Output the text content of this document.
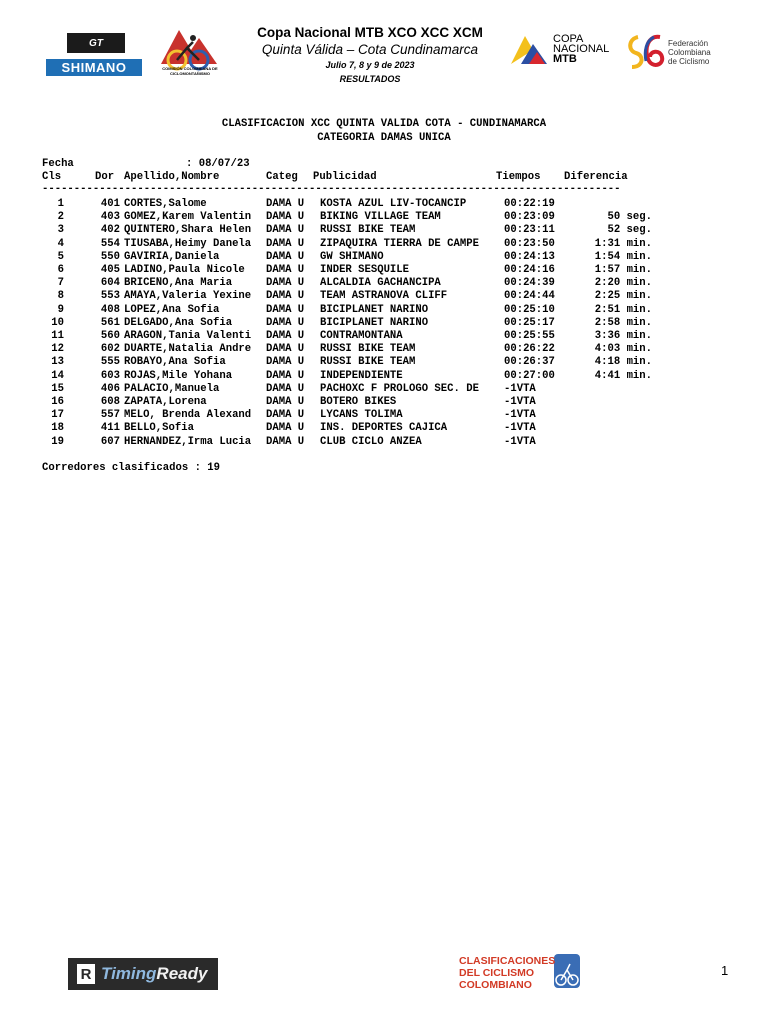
GT
SHIMANO	COMISIÓN COLOMBIANA DE CICLOMONTAÑISMO
Copa Nacional MTB XCO XCC XCM
Quinta Válida – Cota Cundinamarca
Julio 7, 8 y 9 de 2023
RESULTADOS
COPA
NACIONAL
MTB
Federación
Colombiana
de Ciclismo
CLASIFICACION XCC QUINTA VALIDA COTA - CUNDINAMARCA
CATEGORIA DAMAS UNICA
Fecha	: 08/07/23
Cls	Dor Apellido,Nombre	Categ Publicidad	Tiempos Diferencia
-------------------------------------------------------------------------------------------
1	401 CORTES,Salome	DAMA U	KOSTA AZUL LIV-TOCANCIP	00:22:19
2	403 GOMEZ,Karem Valentin	DAMA U	BIKING VILLAGE TEAM	00:23:09	50 seg.
3	402 QUINTERO,Shara Helen	DAMA U	RUSSI BIKE TEAM	00:23:11	52 seg.
4	554 TIUSABA,Heimy Danela	DAMA U	ZIPAQUIRA TIERRA DE CAMPE	00:23:50	1:31 min.
5	550 GAVIRIA,Daniela	DAMA U	GW SHIMANO	00:24:13	1:54 min.
6	405 LADINO,Paula Nicole	DAMA U	INDER SESQUILE	00:24:16	1:57 min.
7	604 BRICEÑO,Ana Maria	DAMA U	ALCALDIA GACHANCIPA	00:24:39	2:20 min.
8	553 AMAYA,Valeria Yexine	DAMA U	TEAM ASTRANOVA CLIFF	00:24:44	2:25 min.
9	408 LOPEZ,Ana Sofia	DAMA U	BICIPLANET NARIÑO	00:25:10	2:51 min.
10	561 DELGADO,Ana Sofia	DAMA U	BICIPLANET NARIÑO	00:25:17	2:58 min.
11	560 ARAGON,Tania Valenti	DAMA U	CONTRAMONTAÑA	00:25:55	3:36 min.
12	602 DUARTE,Natalia Andre	DAMA U	RUSSI BIKE TEAM	00:26:22	4:03 min.
13	555 ROBAYO,Ana Sofia	DAMA U	RUSSI BIKE TEAM	00:26:37	4:18 min.
14	603 ROJAS,Mile Yohana	DAMA U	INDEPENDIENTE	00:27:00	4:41 min.
15	406 PALACIO,Manuela	DAMA U	PACHOXC F PROLOGO SEC. DE	-1VTA
16	608 ZAPATA,Lorena	DAMA U	BOTERO BIKES	-1VTA
17	557 MELO, Brenda Alexand	DAMA U	LYCANS TOLIMA	-1VTA
18	411 BELLO,Sofia	DAMA U	INS. DEPORTES CAJICA	-1VTA
19	607 HERNANDEZ,Irma Lucia	DAMA U	CLUB CICLO ANZEA	-1VTA
Corredores clasificados : 19
R TimingReady
CLASIFICACIONES
DEL CICLISMO
COLOMBIANO
1
